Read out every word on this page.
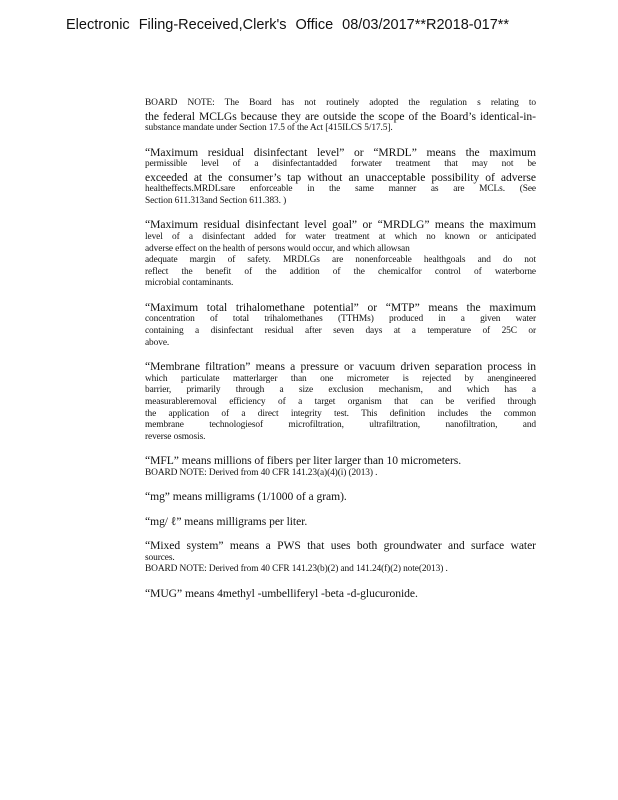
Electronic Filing-Received,Clerk's Office 08/03/2017**R2018-017**
BOARD NOTE: The Board has not routinely adopted the regulation s relating to
the federal MCLGs because they are outside the scope of the Board’s identical-in-
substance mandate under Section 17.5 of the Act [415ILCS 5/17.5].
“Maximum residual disinfectant level” or “MRDL” means the maximum
permissible level of a disinfectantadded forwater treatment that may not be
exceeded at the consumer’s tap without an unacceptable possibility of adverse
healtheffects.MRDLsare enforceable in the same manner as are MCLs. (See
Section 611.313and Section 611.383. )
“Maximum residual disinfectant level goal” or “MRDLG” means the maximum
level of a disinfectant added for water treatment at which no known or anticipated
adverse effect on the health of persons would occur, and which allowsan
adequate margin of safety. MRDLGs are nonenforceable healthgoals and do not
reflect the benefit of the addition of the chemicalfor control of waterborne
microbial contaminants.
“Maximum total trihalomethane potential” or “MTP” means the maximum
concentration of total trihalomethanes (TTHMs) produced in a given water
containing a disinfectant residual after seven days at a temperature of 25C or
above.
“Membrane filtration” means a pressure or vacuum driven separation process in
which particulate matterlarger than one micrometer is rejected by anengineered
barrier, primarily through a size exclusion mechanism, and which has a
measurableremoval efficiency of a target organism that can be verified through
the application of a direct integrity test. This definition includes the common
membrane technologiesof microfiltration, ultrafiltration, nanofiltration, and
reverse osmosis.
“MFL” means millions of fibers per liter larger than 10 micrometers.
BOARD NOTE: Derived from 40 CFR 141.23(a)(4)(i) (2013) .
“mg” means milligrams (1/1000 of a gram).
“mg/ ℓ” means milligrams per liter.
“Mixed system” means a PWS that uses both groundwater and surface water
sources.
BOARD NOTE: Derived from 40 CFR 141.23(b)(2) and 141.24(f)(2) note(2013) .
“MUG” means 4methyl -umbelliferyl -beta -d-glucuronide.
